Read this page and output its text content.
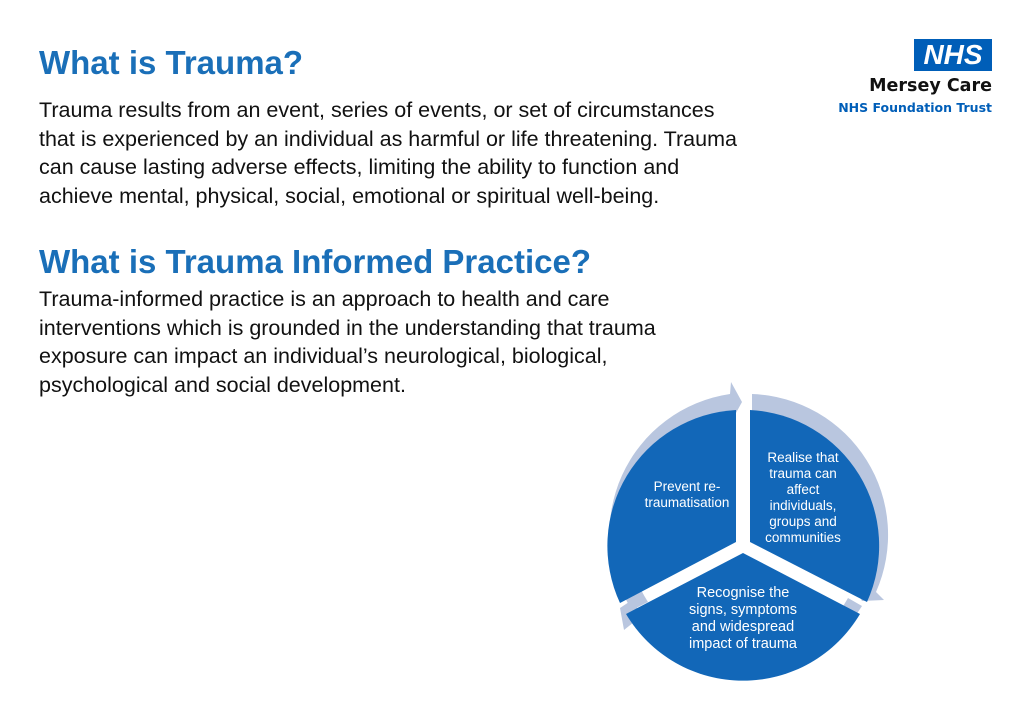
What is Trauma?

Trauma results from an event, series of events, or set of circumstances
that is experienced by an individual as harmful or life threatening. Trauma
can cause lasting adverse effects, limiting the ability to function and
achieve mental, physical, social, emotional or spiritual well-being.

What is Trauma Informed Practice?

Trauma-informed practice is an approach to health and care
interventions which is grounded in the understanding that trauma
exposure can impact an individual’s neurological, biological,
psychological and social development.

NHS
Mersey Care
NHS Foundation Trust
Realise that
trauma can
affect
individuals,
groups and
communities
Recognise the
signs, symptoms
and widespread
impact of trauma
Prevent re-
traumatisation
